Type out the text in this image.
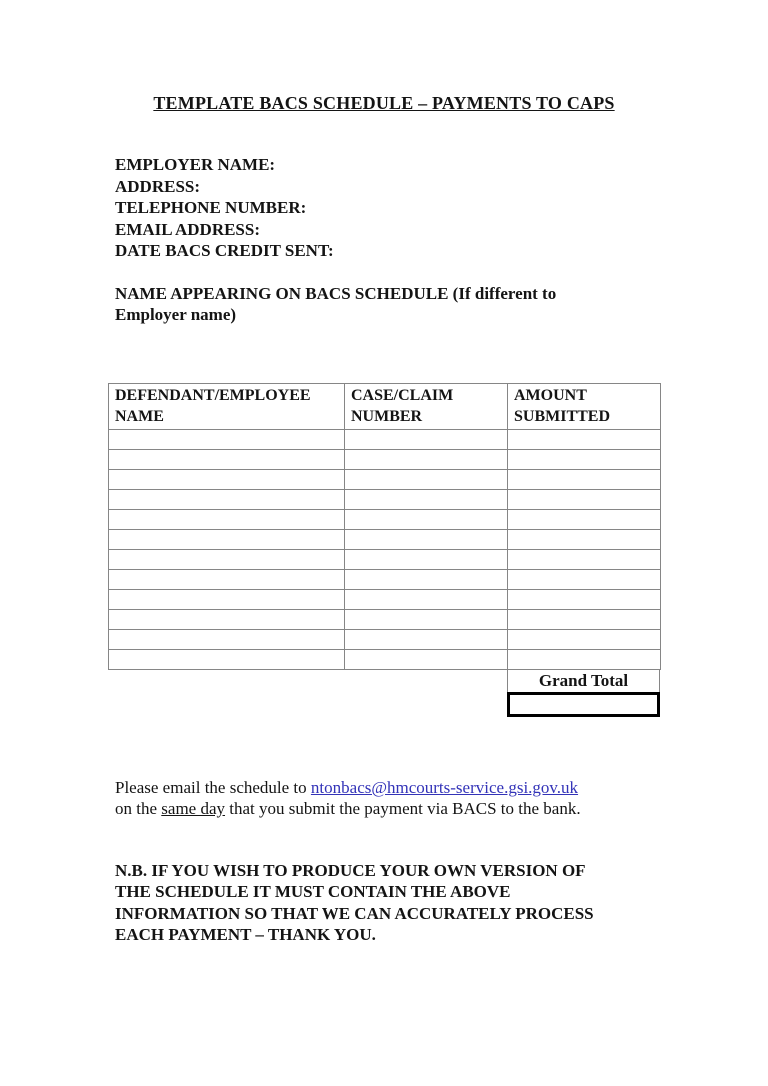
TEMPLATE BACS SCHEDULE – PAYMENTS TO CAPS
EMPLOYER NAME:
ADDRESS:
TELEPHONE NUMBER:
EMAIL ADDRESS:
DATE BACS CREDIT SENT:
NAME APPEARING ON BACS SCHEDULE (If different to
Employer name)
DEFENDANT/EMPLOYEE NAME	CASE/CLAIM NUMBER	AMOUNT SUBMITTED

Grand Total
Please email the schedule to ntonbacs@hmcourts-service.gsi.gov.uk
on the same day that you submit the payment via BACS to the bank.
N.B. IF YOU WISH TO PRODUCE YOUR OWN VERSION OF
THE SCHEDULE IT MUST CONTAIN THE ABOVE
INFORMATION SO THAT WE CAN ACCURATELY PROCESS
EACH PAYMENT – THANK YOU.
